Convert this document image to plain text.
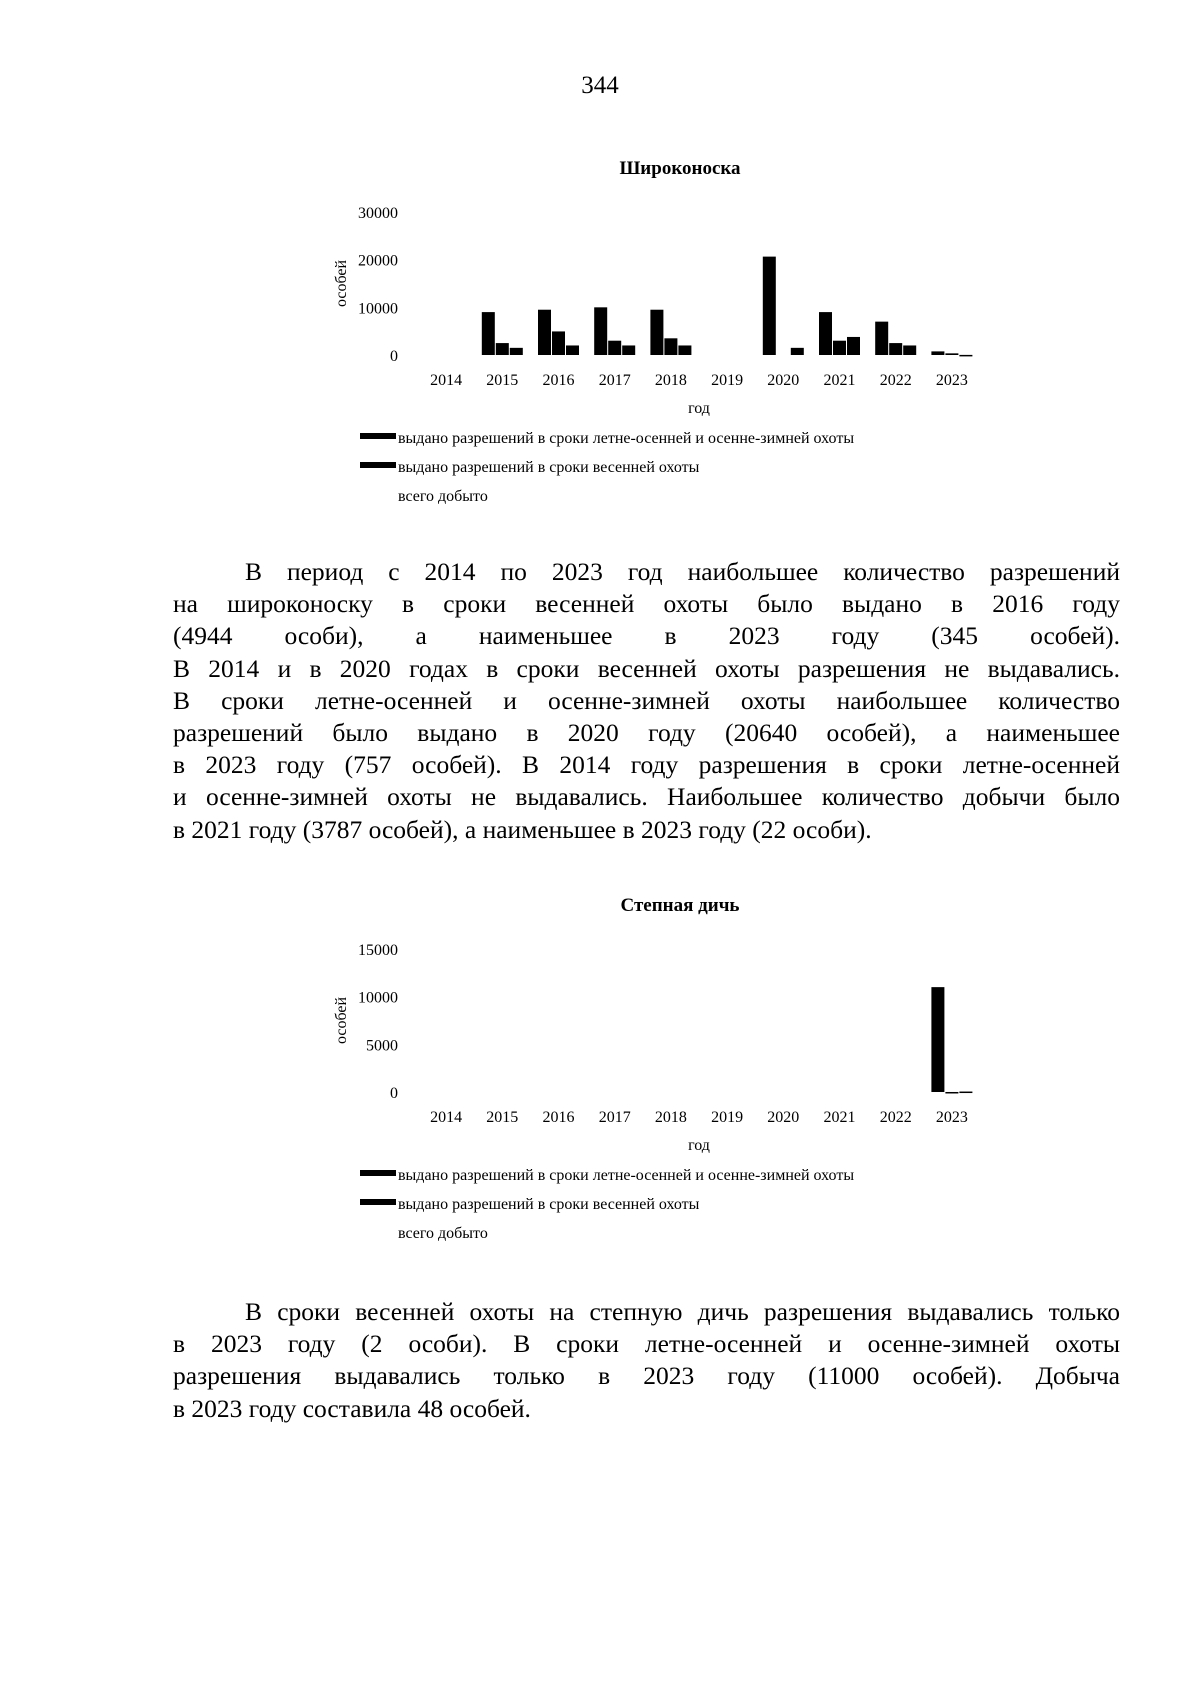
344
Широконоска
30000
20000
10000
0
особей
2014 2015 2016 2017 2018 2019 2020 2021 2022 2023
год
выдано разрешений в сроки летне-осенней и осенне-зимней охоты
выдано разрешений в сроки весенней охоты
всего добыто

В период с 2014 по 2023 год наибольшее количество разрешений
на широконоску в сроки весенней охоты было выдано в 2016 году
(4944 особи), а наименьшее в 2023 году (345 особей).
В 2014 и в 2020 годах в сроки весенней охоты разрешения не выдавались.
В сроки летне-осенней и осенне-зимней охоты наибольшее количество
разрешений было выдано в 2020 году (20640 особей), а наименьшее
в 2023 году (757 особей). В 2014 году разрешения в сроки летне-осенней
и осенне-зимней охоты не выдавались. Наибольшее количество добычи было
в 2021 году (3787 особей), а наименьшее в 2023 году (22 особи).

Степная дичь
15000
10000
5000
0
особей
2014 2015 2016 2017 2018 2019 2020 2021 2022 2023
год
выдано разрешений в сроки летне-осенней и осенне-зимней охоты
выдано разрешений в сроки весенней охоты
всего добыто

В сроки весенней охоты на степную дичь разрешения выдавались только
в 2023 году (2 особи). В сроки летне-осенней и осенне-зимней охоты
разрешения выдавались только в 2023 году (11000 особей). Добыча
в 2023 году составила 48 особей.
